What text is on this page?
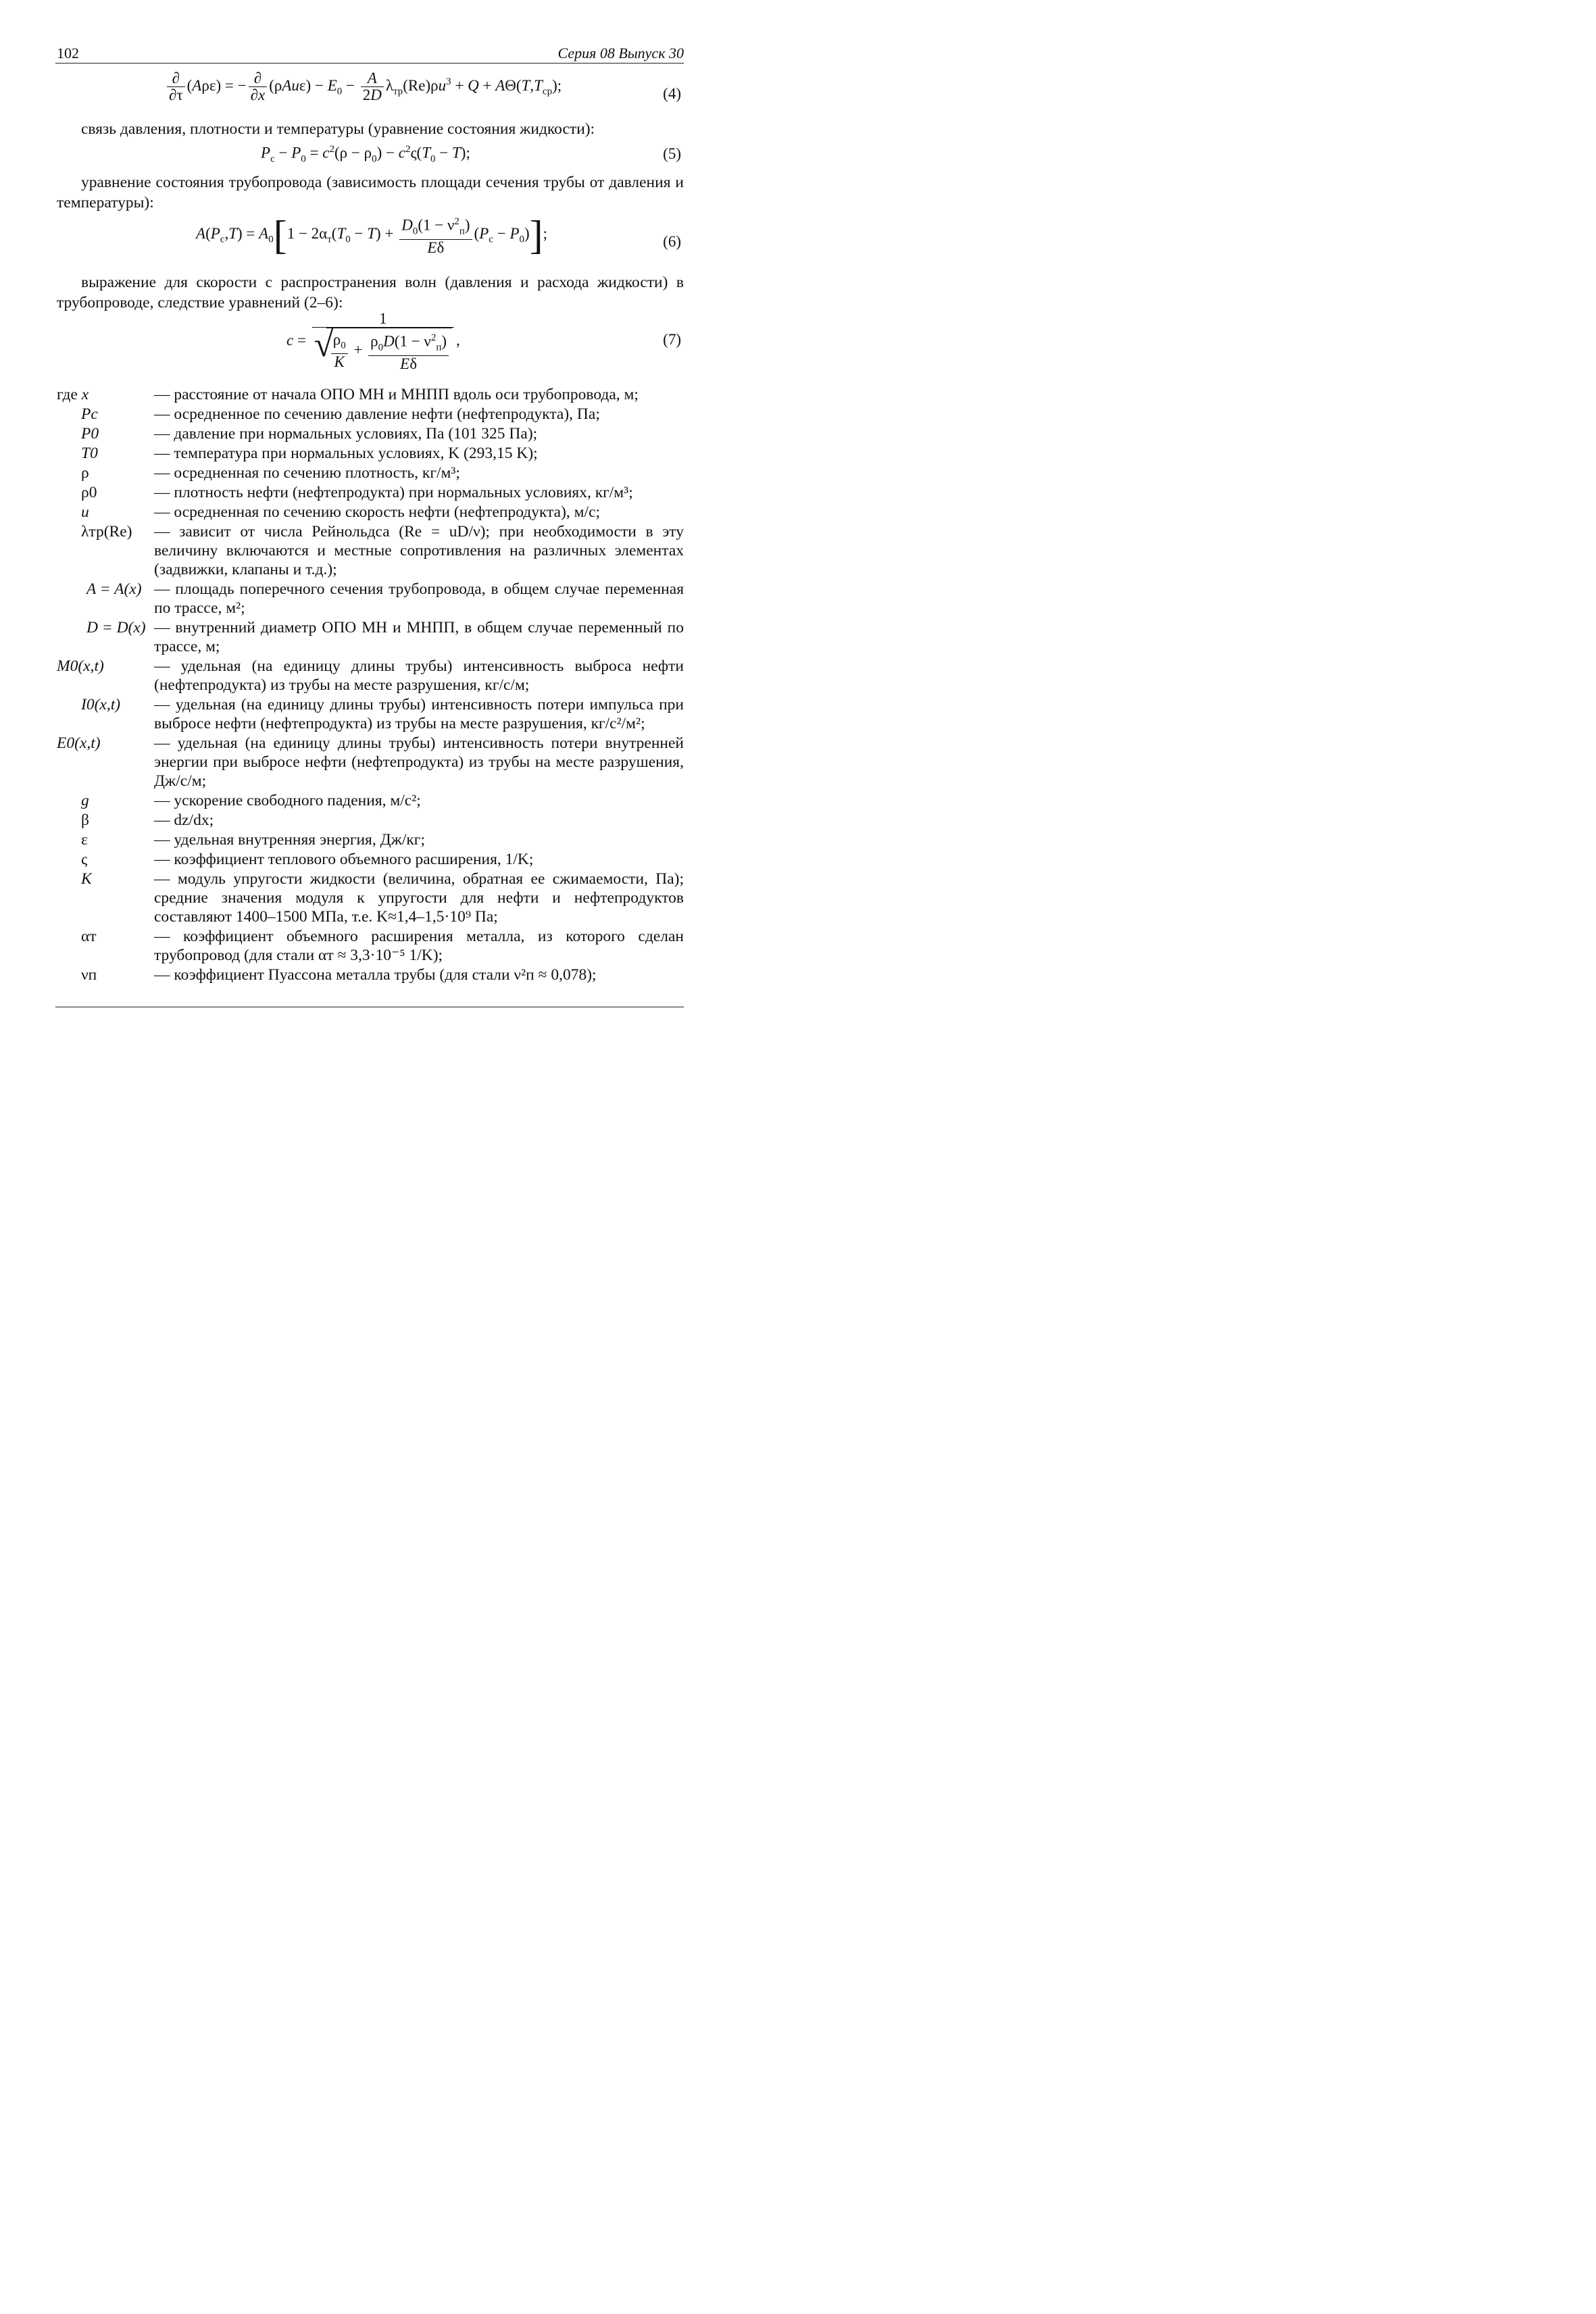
102	Серия 08 Выпуск 30
$\frac{\partial}{\partial\tau} (A\rho\varepsilon)$ = − $\frac{\partial}{\partial x} (\rho Au\varepsilon) - E_0 - \frac{A}{2D} \lambda_{тр}(Re)\rho u^3 + Q + A\Theta(T,T_{ср})$;	(4)
связь давления, плотности и температуры (уравнение состояния жидкости):
$P_с - P_0 = c^2(\rho - \rho_0) - c^2\varsigma(T_0 - T)$;	(5)
уравнение состояния трубопровода (зависимость площади сечения трубы от давления и температуры):
$A(P_с,T) = A_0[1 - 2\alpha_т(T_0 - T) + \frac{D_0(1 - \nu^2_п)}{E\delta} (P_с - P_0)]$;	(6)
выражение для скорости c распространения волн (давления и расхода жидкости) в трубопроводе, следствие уравнений (2–6):
c = 1
√
$\frac{\rho_0}{K} + \frac{\rho_0D(1 - \nu^2_п)}{E\delta}$ ,	(7)
где x	— расстояние от начала ОПО МН и МНПП вдоль оси трубопровода, м;
Pс	— осредненное по сечению давление нефти (нефтепродукта), Па;
P0	— давление при нормальных условиях, Па (101 325 Па);
T0	— температура при нормальных условиях, K (293,15 K);
ρ	— осредненная по сечению плотность, кг/м³;
ρ0	— плотность нефти (нефтепродукта) при нормальных условиях, кг/м³;
u	— осредненная по сечению скорость нефти (нефтепродукта), м/с;
λтр(Re)	— зависит от числа Рейнольдса (Re = uD/ν); при необходимости в эту величину включаются и местные сопротивления на различных элементах (задвижки, клапаны и т.д.);
A = A(x) — площадь поперечного сечения трубопровода, в общем случае переменная по трассе, м²;
D = D(x) — внутренний диаметр ОПО МН и МНПП, в общем случае переменный по трассе, м;
M0(x,t)	— удельная (на единицу длины трубы) интенсивность выброса нефти (нефтепродукта) из трубы на месте разрушения, кг/с/м;
I0(x,t)	— удельная (на единицу длины трубы) интенсивность потери импульса при выбросе нефти (нефтепродукта) из трубы на месте разрушения, кг/с²/м²;
E0(x,t)	— удельная (на единицу длины трубы) интенсивность потери внутренней энергии при выбросе нефти (нефтепродукта) из трубы на месте разрушения, Дж/с/м;
g	— ускорение свободного падения, м/с²;
β	— dz/dx;
ε	— удельная внутренняя энергия, Дж/кг;
ς	— коэффициент теплового объемного расширения, 1/K;
K	— модуль упругости жидкости (величина, обратная ее сжимаемости, Па); средние значения модуля к упругости для нефти и нефтепродуктов составляют 1400–1500 МПа, т.е. K≈1,4–1,5·10⁹ Па;
αт	— коэффициент объемного расширения металла, из которого сделан трубопровод (для стали αт ≈ 3,3·10⁻⁵ 1/K);
νп	— коэффициент Пуассона металла трубы (для стали ν²п ≈ 0,078);
